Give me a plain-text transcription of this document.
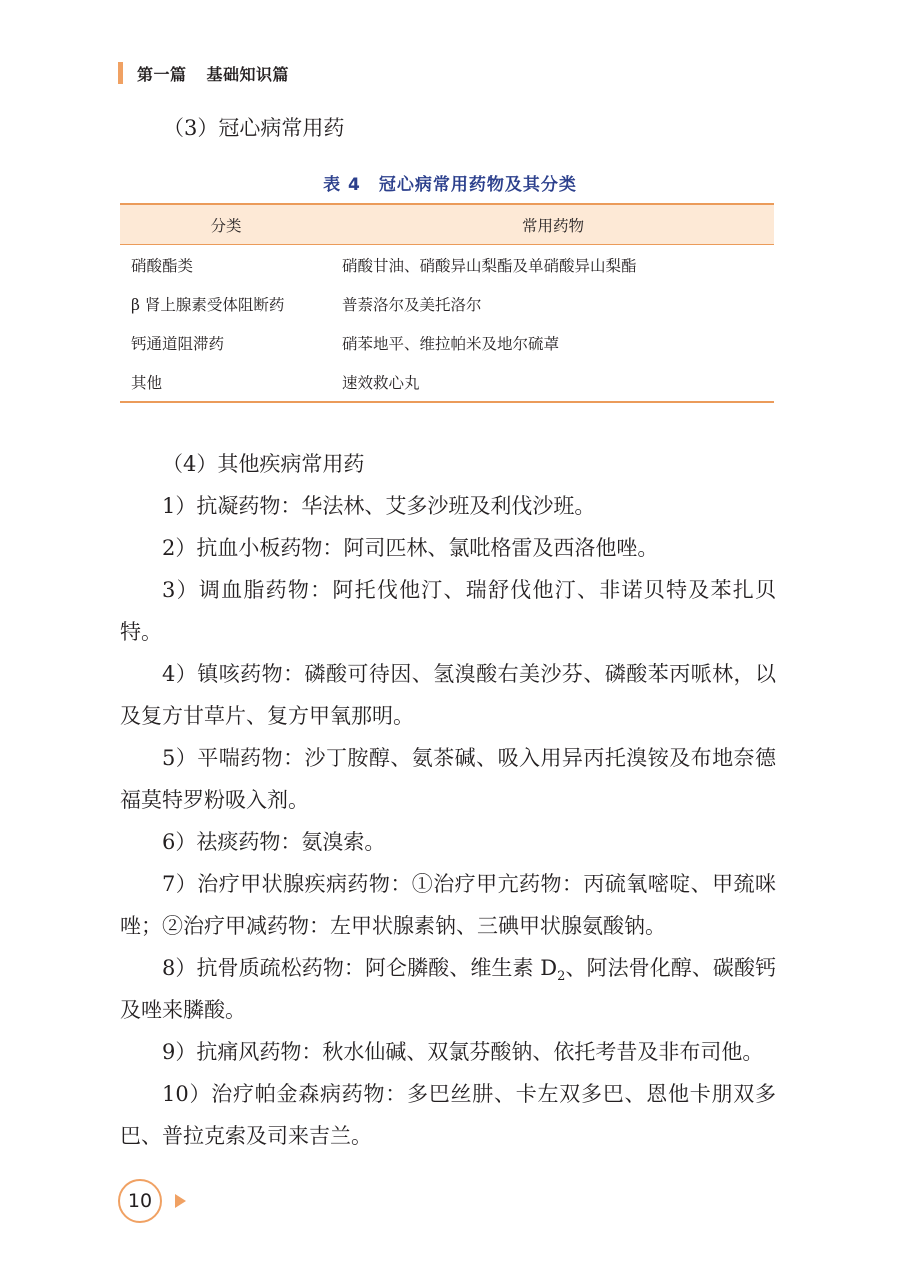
第一篇 基础知识篇
（3）冠心病常用药
表 4 冠心病常用药物及其分类
分类	常用药物
硝酸酯类	硝酸甘油、硝酸异山梨酯及单硝酸异山梨酯
β 肾上腺素受体阻断药	普萘洛尔及美托洛尔
钙通道阻滞药	硝苯地平、维拉帕米及地尔硫䓬
其他	速效救心丸

（4）其他疾病常用药

1）抗凝药物：华法林、艾多沙班及利伐沙班。

2）抗血小板药物：阿司匹林、氯吡格雷及西洛他唑。

3）调血脂药物：阿托伐他汀、瑞舒伐他汀、非诺贝特及苯扎贝特。

4）镇咳药物：磷酸可待因、氢溴酸右美沙芬、磷酸苯丙哌林，以及复方甘草片、复方甲氧那明。

5）平喘药物：沙丁胺醇、氨茶碱、吸入用异丙托溴铵及布地奈德福莫特罗粉吸入剂。

6）祛痰药物：氨溴索。

7）治疗甲状腺疾病药物：①治疗甲亢药物：丙硫氧嘧啶、甲巯咪唑；②治疗甲减药物：左甲状腺素钠、三碘甲状腺氨酸钠。

8）抗骨质疏松药物：阿仑膦酸、维生素 $D_2$、阿法骨化醇、碳酸钙及唑来膦酸。

9）抗痛风药物：秋水仙碱、双氯芬酸钠、依托考昔及非布司他。

10）治疗帕金森病药物：多巴丝肼、卡左双多巴、恩他卡朋双多巴、普拉克索及司来吉兰。

10
